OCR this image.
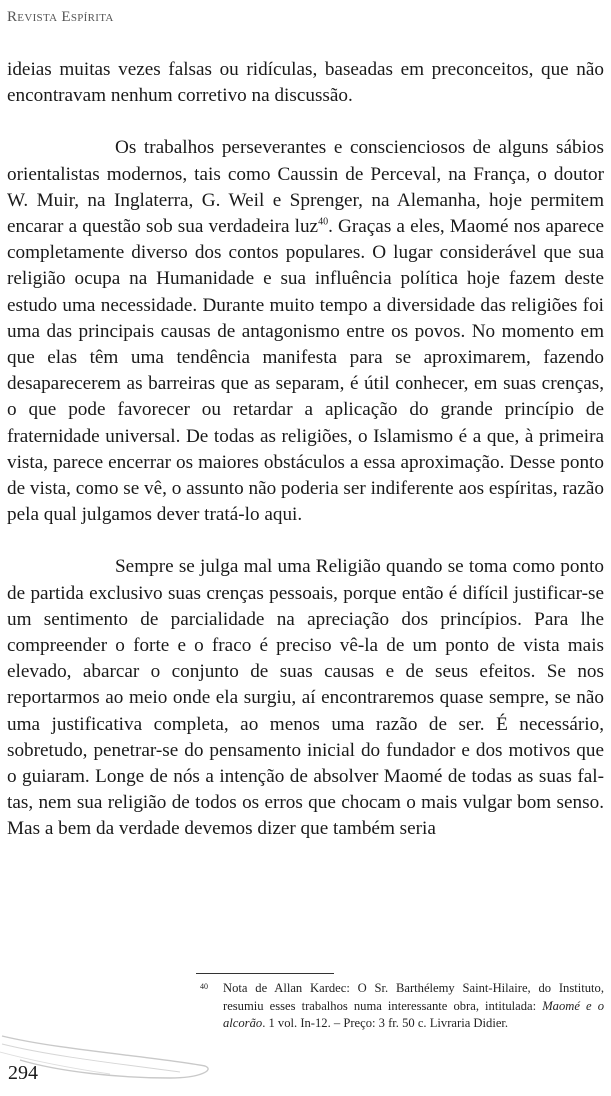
Revista Espírita

ideias muitas vezes falsas ou ridículas, baseadas em preconceitos, que não encontravam nenhum corretivo na discussão.

Os trabalhos perseverantes e conscienciosos de alguns sábios orientalistas modernos, tais como Caussin de Perceval, na França, o doutor W. Muir, na Inglaterra, G. Weil e Sprenger, na Alemanha, hoje permitem encarar a questão sob sua verdadeira luz$^{40}$. Graças a eles, Maomé nos aparece completamente diverso dos contos populares. O lugar considerável que sua religião ocupa na Humanidade e sua influência política hoje fazem deste estudo uma necessidade. Durante muito tempo a diversidade das religiões foi uma das principais causas de antagonismo entre os povos. No momento em que elas têm uma tendência manifesta para se aproximarem, fazendo desaparecerem as barreiras que as separam, é útil conhecer, em suas crenças, o que pode favorecer ou retardar a aplicação do grande princípio de fraternidade universal. De todas as religiões, o Islamismo é a que, à primeira vista, parece encerrar os maiores obstáculos a essa aproximação. Desse ponto de vista, como se vê, o assunto não poderia ser indiferente aos espíritas, razão pela qual julgamos dever tratá-lo aqui.

Sempre se julga mal uma Religião quando se toma como ponto de partida exclusivo suas crenças pessoais, porque então é difícil justificar-se um sentimento de parcialidade na apreciação dos princípios. Para lhe compreender o forte e o fraco é preciso vê-la de um ponto de vista mais elevado, abarcar o conjunto de suas causas e de seus efeitos. Se nos reportarmos ao meio onde ela surgiu, aí encontraremos quase sempre, se não uma justificativa completa, ao menos uma razão de ser. É necessário, sobretudo, penetrar-se do pensamento inicial do fundador e dos motivos que o guiaram. Longe de nós a intenção de absolver Maomé de todas as suas faltas, nem sua religião de todos os erros que chocam o mais vulgar bom senso. Mas a bem da verdade devemos dizer que também seria

40 Nota de Allan Kardec: O Sr. Barthélemy Saint-Hilaire, do Instituto, resumiu esses trabalhos numa interessante obra, intitulada: Maomé e o alcorão. 1 vol. In-12. – Preço: 3 fr. 50 c. Livraria Didier.
294
